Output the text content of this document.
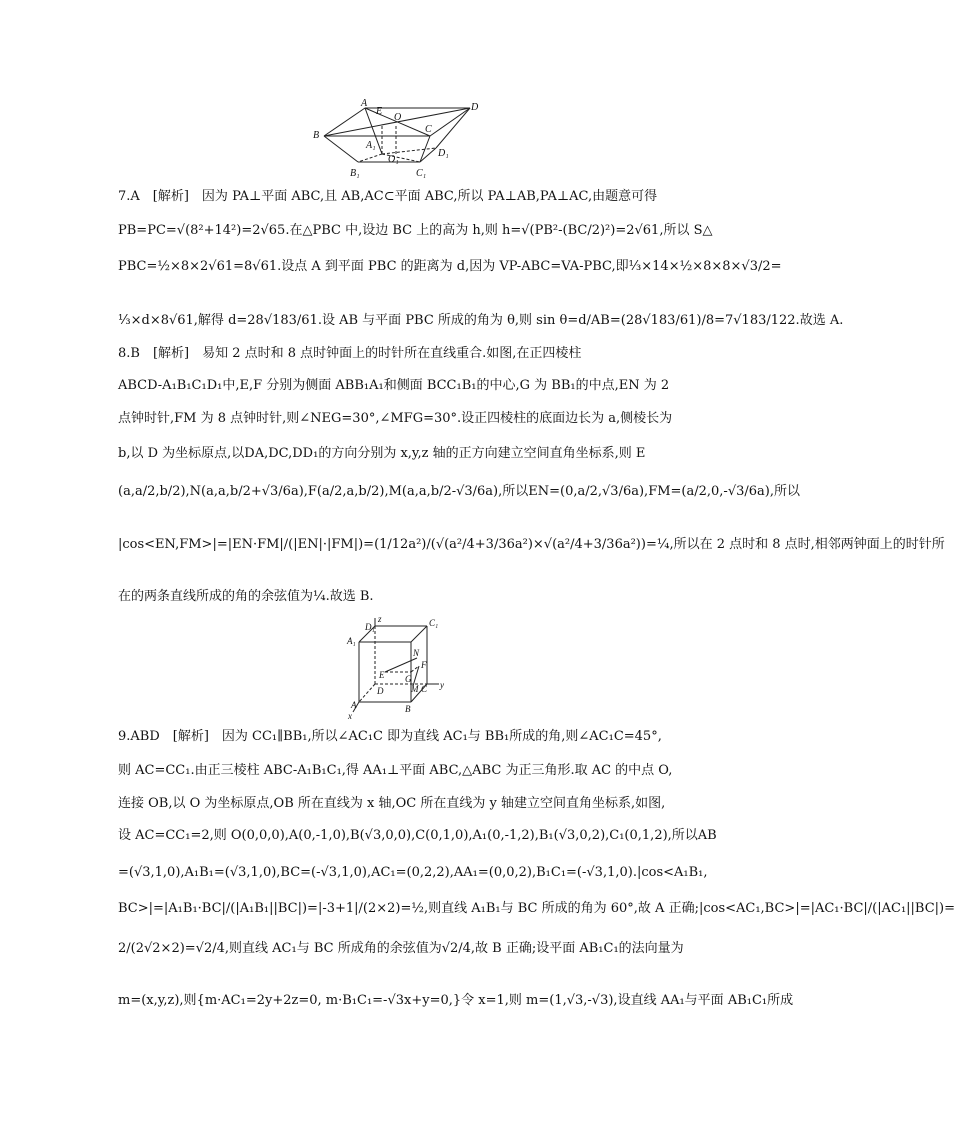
A
E	D
O
B
C
A₁
O₁
D₁
B₁	C₁
7.A　[解析]　因为 PA⊥平面 ABC,且 AB,AC⊂平面 ABC,所以 PA⊥AB,PA⊥AC,由题意可得
PB=PC=√(8²+14²)=2√65.在△PBC 中,设边 BC 上的高为 h,则 h=√(PB²-(BC/2)²)=2√61,所以 S△
PBC=½×8×2√61=8√61.设点 A 到平面 PBC 的距离为 d,因为 VP-ABC=VA-PBC,即⅓×14×½×8×8×√3/2=
⅓×d×8√61,解得 d=28√183/61.设 AB 与平面 PBC 所成的角为 θ,则 sin θ=d/AB=(28√183/61)/8=7√183/122.故选 A.
8.B　[解析]　易知 2 点时和 8 点时钟面上的时针所在直线重合.如图,在正四棱柱
ABCD-A₁B₁C₁D₁中,E,F 分别为侧面 ABB₁A₁和侧面 BCC₁B₁的中心,G 为 BB₁的中点,EN 为 2
点钟时针,FM 为 8 点钟时针,则∠NEG=30°,∠MFG=30°.设正四棱柱的底面边长为 a,侧棱长为
b,以 D 为坐标原点,以DA,DC,DD₁的方向分别为 x,y,z 轴的正方向建立空间直角坐标系,则 E
(a,a/2,b/2),N(a,a,b/2+√3/6a),F(a/2,a,b/2),M(a,a,b/2-√3/6a),所以EN=(0,a/2,√3/6a),FM=(a/2,0,-√3/6a),所以
|cos<EN,FM>|=|EN·FM|/(|EN|·|FM|)=(1/12a²)/(√(a²/4+3/36a²)×√(a²/4+3/36a²))=¼,所以在 2 点时和 8 点时,相邻两钟面上的时针所
在的两条直线所成的角的余弦值为¼.故选 B.
z
D₁	C₁
A₁
N
F
E G
D	M C y
A	B
x
9.ABD　[解析]　因为 CC₁∥BB₁,所以∠AC₁C 即为直线 AC₁与 BB₁所成的角,则∠AC₁C=45°,
则 AC=CC₁.由正三棱柱 ABC-A₁B₁C₁,得 AA₁⊥平面 ABC,△ABC 为正三角形.取 AC 的中点 O,
连接 OB,以 O 为坐标原点,OB 所在直线为 x 轴,OC 所在直线为 y 轴建立空间直角坐标系,如图,
设 AC=CC₁=2,则 O(0,0,0),A(0,-1,0),B(√3,0,0),C(0,1,0),A₁(0,-1,2),B₁(√3,0,2),C₁(0,1,2),所以AB
=(√3,1,0),A₁B₁=(√3,1,0),BC=(-√3,1,0),AC₁=(0,2,2),AA₁=(0,0,2),B₁C₁=(-√3,1,0).|cos<A₁B₁,
BC>|=|A₁B₁·BC|/(|A₁B₁||BC|)=|-3+1|/(2×2)=½,则直线 A₁B₁与 BC 所成的角为 60°,故 A 正确;|cos<AC₁,BC>|=|AC₁·BC|/(|AC₁||BC|)=
2/(2√2×2)=√2/4,则直线 AC₁与 BC 所成角的余弦值为√2/4,故 B 正确;设平面 AB₁C₁的法向量为
m=(x,y,z),则{m·AC₁=2y+2z=0, m·B₁C₁=-√3x+y=0,}令 x=1,则 m=(1,√3,-√3),设直线 AA₁与平面 AB₁C₁所成
